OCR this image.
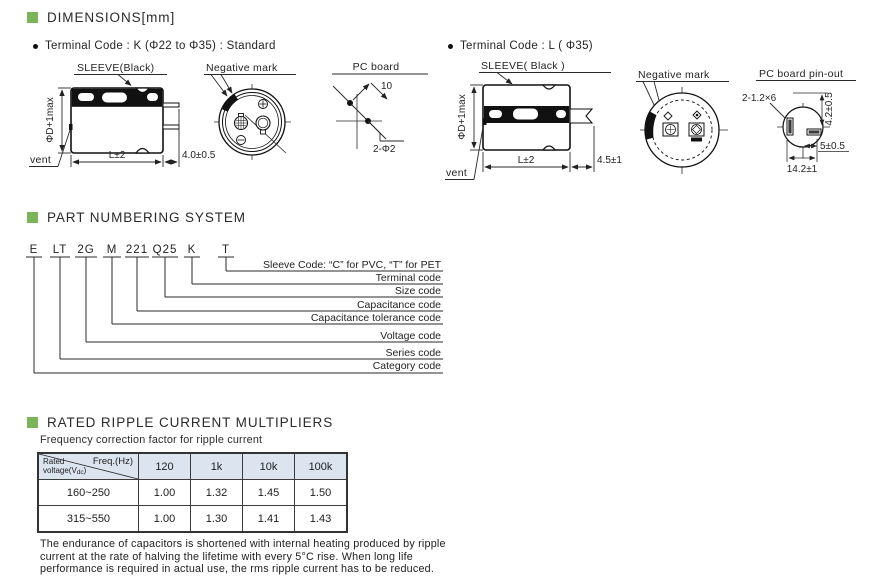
DIMENSIONS[mm]
Terminal Code : K (Φ22 to Φ35) : Standard	Terminal Code : L ( Φ35)
SLEEVE(Black)
ΦD+1max
vent	L±2	4.0±0.5
Negative mark	PC board
10
2-Φ2
SLEEVE( Black )
ΦD+1max
vent
L±2	4.5±1
Negative mark	PC board pin-out
2-1.2×6	4.2±0.5
5±0.5
14.2±1
PART NUMBERING SYSTEM
E LT 2G M 221 Q25 K T
Sleeve Code: “C” for PVC, “T” for PET
Terminal code
Size code
Capacitance code
Capacitance tolerance code
Voltage code
Series code
Category code
RATED RIPPLE CURRENT MULTIPLIERS
Frequency correction factor for ripple current
Freq.(Hz)
Rated
$voltage(V_{dc})$	120	1k	10k	100k
160~250	1.00	1.32	1.45	1.50
315~550	1.00	1.30	1.41	1.43
The endurance of capacitors is shortened with internal heating produced by ripple
current at the rate of halving the lifetime with every 5°C rise. When long life
performance is required in actual use, the rms ripple current has to be reduced.
